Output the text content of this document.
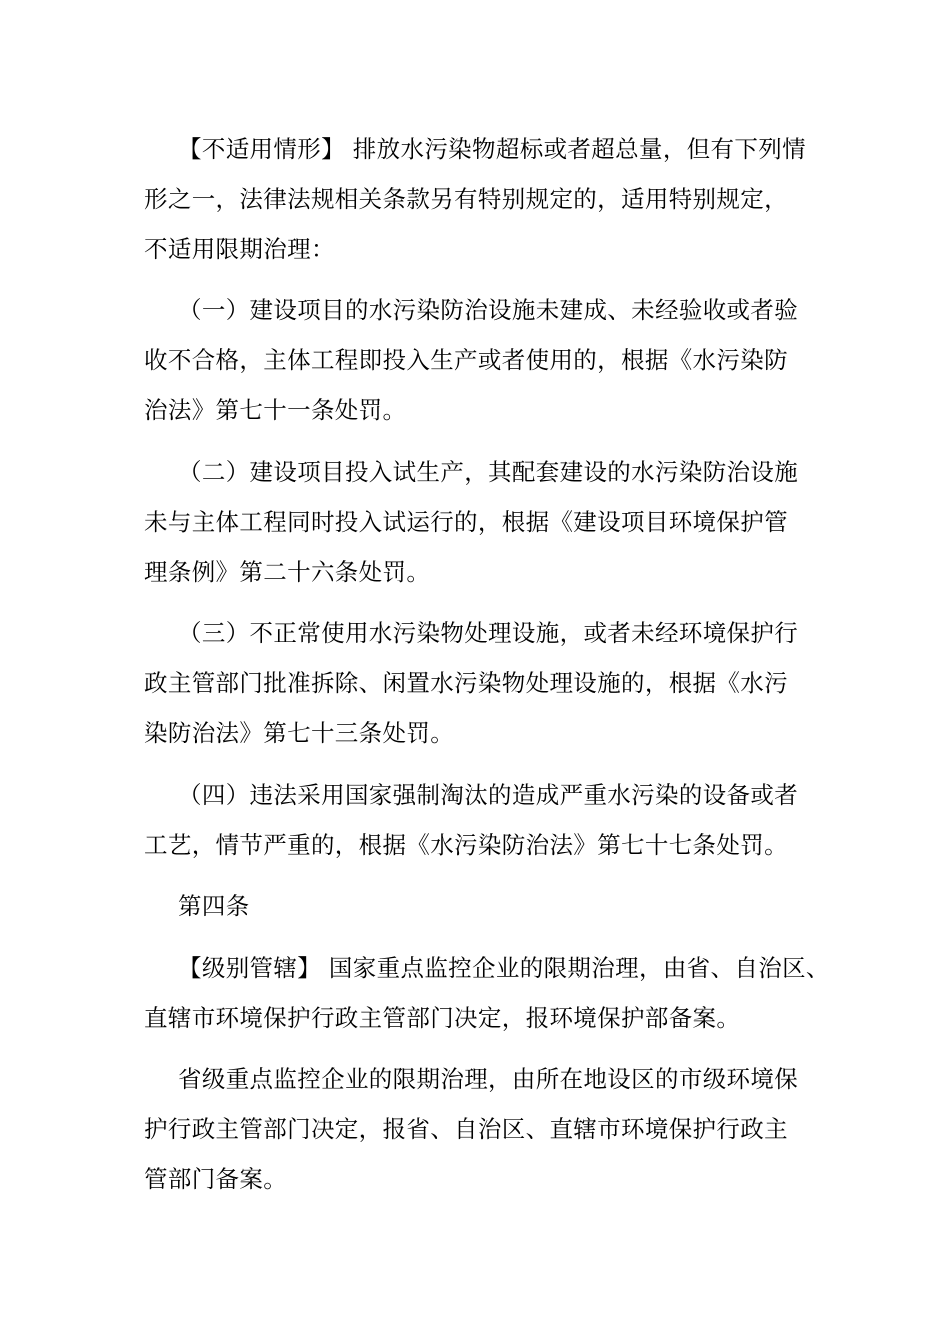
【不适用情形】 排放水污染物超标或者超总量，但有下列情
形之一，法律法规相关条款另有特别规定的，适用特别规定，
不适用限期治理：
（一）建设项目的水污染防治设施未建成、未经验收或者验
收不合格，主体工程即投入生产或者使用的，根据《水污染防
治法》第七十一条处罚。
（二）建设项目投入试生产，其配套建设的水污染防治设施
未与主体工程同时投入试运行的，根据《建设项目环境保护管
理条例》第二十六条处罚。
（三）不正常使用水污染物处理设施，或者未经环境保护行
政主管部门批准拆除、闲置水污染物处理设施的，根据《水污
染防治法》第七十三条处罚。
（四）违法采用国家强制淘汰的造成严重水污染的设备或者
工艺，情节严重的，根据《水污染防治法》第七十七条处罚。
第四条
【级别管辖】 国家重点监控企业的限期治理，由省、自治区、
直辖市环境保护行政主管部门决定，报环境保护部备案。
省级重点监控企业的限期治理，由所在地设区的市级环境保
护行政主管部门决定，报省、自治区、直辖市环境保护行政主
管部门备案。
